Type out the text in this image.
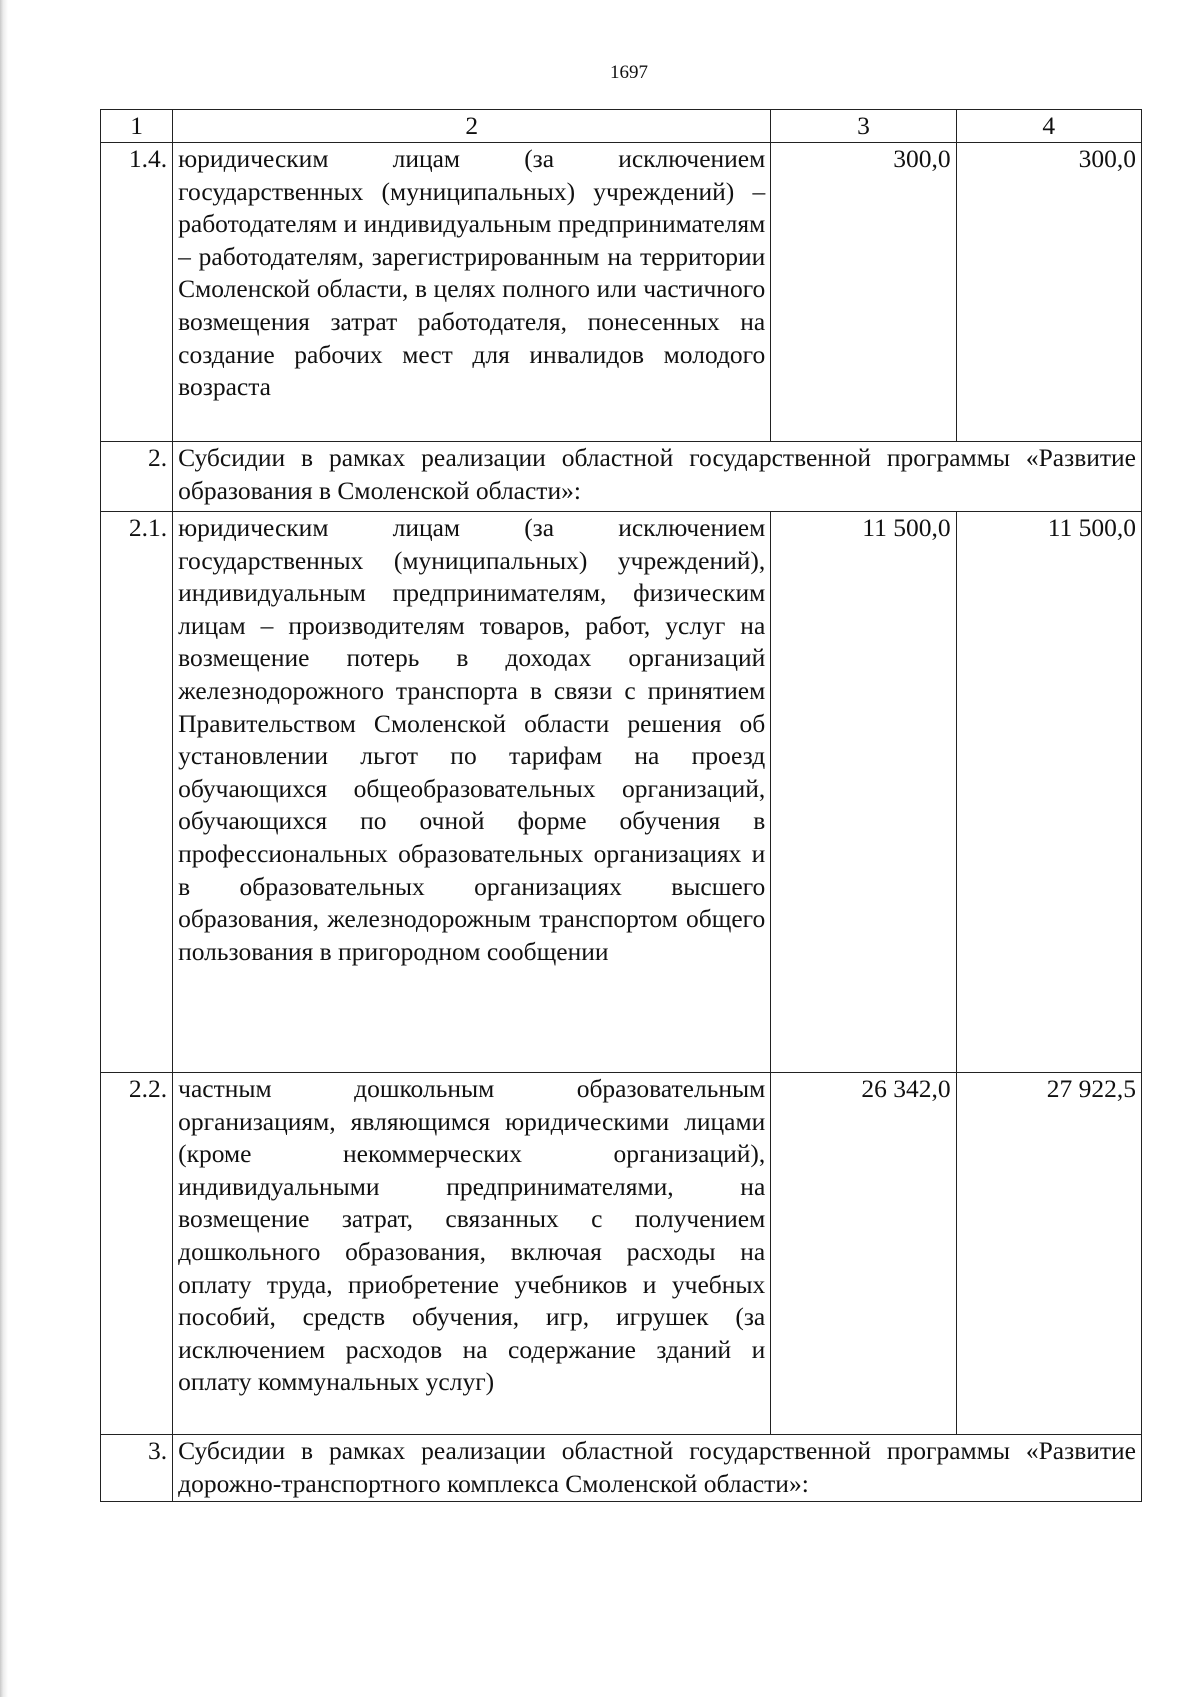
1697
1	2	3	4
1.4.	юридическим лицам (за исключением государственных (муниципальных) учреждений) – работодателям и индивидуальным предпринимателям – работодателям, зарегистрированным на территории Смоленской области, в целях полного или частичного возмещения затрат работодателя, понесенных на создание рабочих мест для инвалидов молодого возраста	300,0	300,0
2.	Субсидии в рамках реализации областной государственной программы «Развитие образования в Смоленской области»:		
2.1.	юридическим лицам (за исключением государственных (муниципальных) учреждений), индивидуальным предпринимателям, физическим лицам – производителям товаров, работ, услуг на возмещение потерь в доходах организаций железнодорожного транспорта в связи с принятием Правительством Смоленской области решения об установлении льгот по тарифам на проезд обучающихся общеобразовательных организаций, обучающихся по очной форме обучения в профессиональных образовательных организациях и в образовательных организациях высшего образования, железнодорожным транспортом общего пользования в пригородном сообщении	11 500,0	11 500,0
2.2.	частным дошкольным образовательным организациям, являющимся юридическими лицами (кроме некоммерческих организаций), индивидуальными предпринимателями, на возмещение затрат, связанных с получением дошкольного образования, включая расходы на оплату труда, приобретение учебников и учебных пособий, средств обучения, игр, игрушек (за исключением расходов на содержание зданий и оплату коммунальных услуг)	26 342,0	27 922,5
3.	Субсидии в рамках реализации областной государственной программы «Развитие дорожно-транспортного комплекса Смоленской области»:		
